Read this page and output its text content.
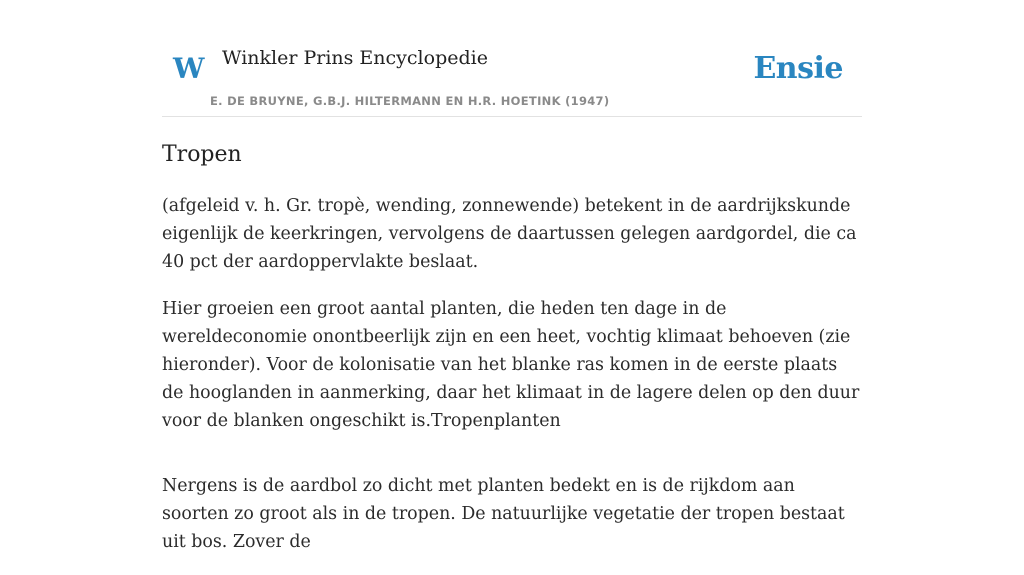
W Winkler Prins Encyclopedie
E. DE BRUYNE, G.B.J. HILTERMANN EN H.R. HOETINK (1947)
Ensie
Tropen

(afgeleid v. h. Gr. tropè, wending, zonnewende) betekent in de aardrijkskunde eigenlijk de keerkringen, vervolgens de daartussen gelegen aardgordel, die ca 40 pct der aardoppervlakte beslaat.

Hier groeien een groot aantal planten, die heden ten dage in de wereldeconomie onontbeerlijk zijn en een heet, vochtig klimaat behoeven (zie hieronder). Voor de kolonisatie van het blanke ras komen in de eerste plaats de hooglanden in aanmerking, daar het klimaat in de lagere delen op den duur voor de blanken ongeschikt is.Tropenplanten

Nergens is de aardbol zo dicht met planten bedekt en is de rijkdom aan soorten zo groot als in de tropen. De natuurlijke vegetatie der tropen bestaat uit bos. Zover de
